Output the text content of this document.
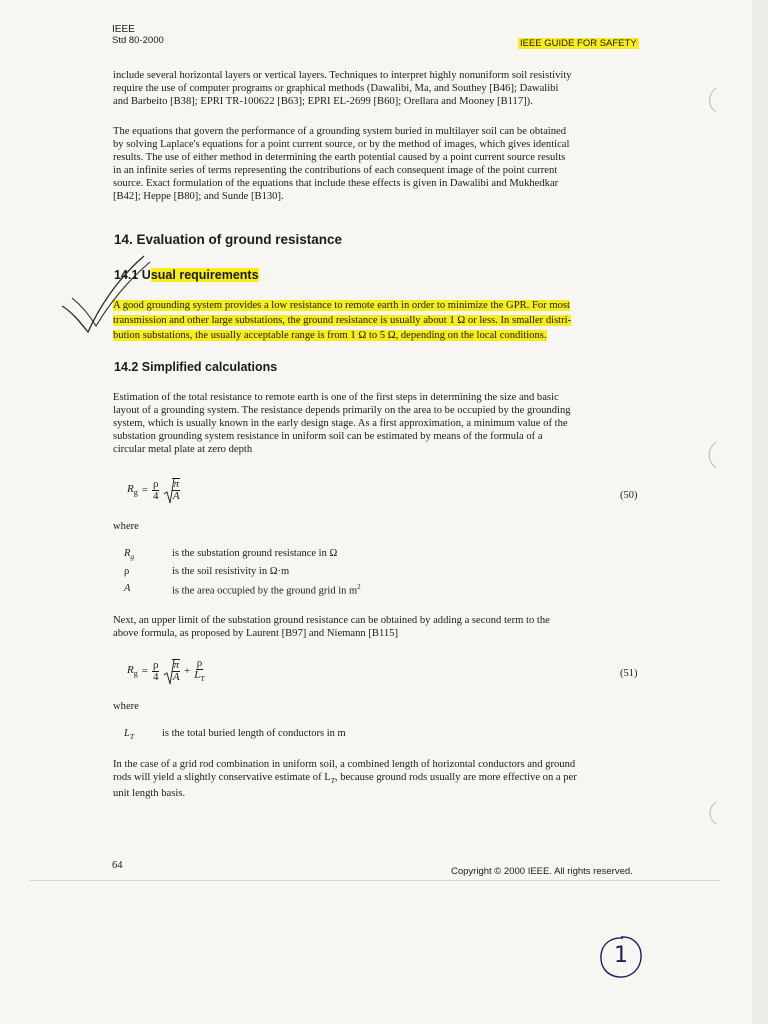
IEEE
Std 80-2000	IEEE GUIDE FOR SAFETY
include several horizontal layers or vertical layers. Techniques to interpret highly nonuniform soil resistivity
require the use of computer programs or graphical methods (Dawalibi, Ma, and Southey [B46]; Dawalibi
and Barbeito [B38]; EPRI TR-100622 [B63]; EPRI EL-2699 [B60]; Orellara and Mooney [B117]).
The equations that govern the performance of a grounding system buried in multilayer soil can be obtained
by solving Laplace's equations for a point current source, or by the method of images, which gives identical
results. The use of either method in determining the earth potential caused by a point current source results
in an infinite series of terms representing the contributions of each consequent image of the point current
source. Exact formulation of the equations that include these effects is given in Dawalibi and Mukhedkar
[B42]; Heppe [B80]; and Sunde [B130].
14. Evaluation of ground resistance
14.1 Usual requirements
A good grounding system provides a low resistance to remote earth in order to minimize the GPR. For most
transmission and other large substations, the ground resistance is usually about 1 Ω or less. In smaller distri-
bution substations, the usually acceptable range is from 1 Ω to 5 Ω, depending on the local conditions.
14.2 Simplified calculations
Estimation of the total resistance to remote earth is one of the first steps in determining the size and basic
layout of a grounding system. The resistance depends primarily on the area to be occupied by the grounding
system, which is usually known in the early design stage. As a first approximation, a minimum value of the
substation grounding system resistance in uniform soil can be estimated by means of the formula of a
circular metal plate at zero depth
$R_g = \frac{\rho}{4} \frac{\pi}{A}$	(50)
where
$R_g$	is the substation ground resistance in Ω
ρ	is the soil resistivity in Ω·m
A	is the area occupied by the ground grid in $m^2$
Next, an upper limit of the substation ground resistance can be obtained by adding a second term to the
above formula, as proposed by Laurent [B97] and Niemann [B115]
$R_g = \frac{\rho}{4} \frac{\pi}{A} + \frac{\rho}{L_T}$	(51)
where
$L_T$	is the total buried length of conductors in m
In the case of a grid rod combination in uniform soil, a combined length of horizontal conductors and ground
rods will yield a slightly conservative estimate of $L_T$, because ground rods usually are more effective on a per
unit length basis.
64
Copyright © 2000 IEEE. All rights reserved.
1
